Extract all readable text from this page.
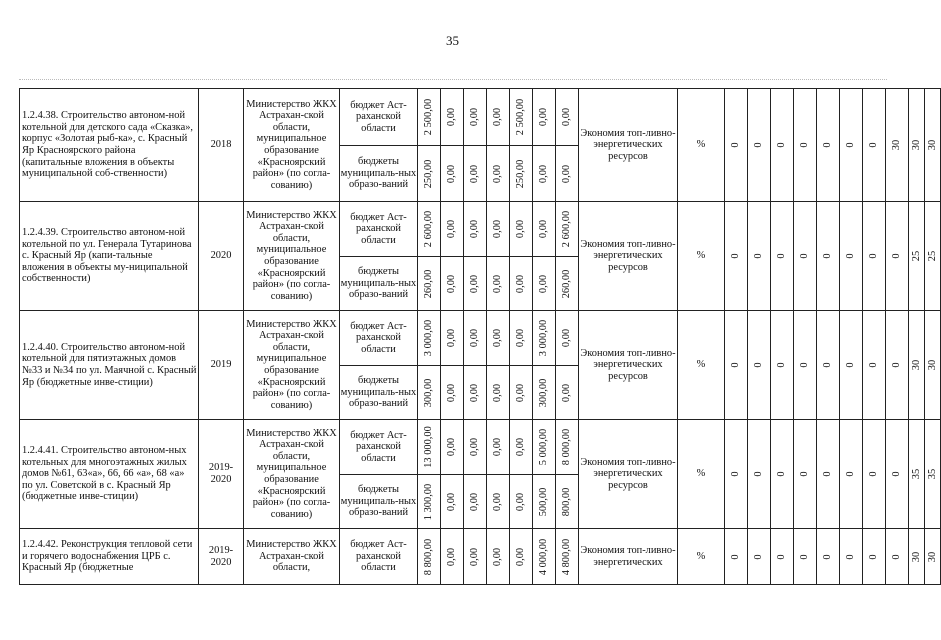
35
1.2.4.38. Строительство автоном-ной котельной для детского сада «Сказка», корпус «Золотая рыб-ка», с. Красный Яр Красноярского района (капитальные вложения в объекты муниципальной соб-ственности)	2018	Министерство ЖКХ Астрахан-ской области, муниципальное образование «Красноярский район» (по согла-сованию)	бюджет Аст-раханской области	2 500,00	0,00	0,00	0,00	2 500,00	0,00	0,00	Экономия топ-ливно-энергетических ресурсов	%	0	0	0	0	0	0	0	30	30	30

			бюджеты муниципаль-ных образо-ваний	250,00	0,00	0,00	0,00	250,00	0,00	0,00												

1.2.4.39. Строительство автоном-ной котельной по ул. Генерала Тутаринова с. Красный Яр (капи-тальные вложения в объекты му-ниципальной собственности)	2020	Министерство ЖКХ Астрахан-ской области, муниципальное образование «Красноярский район» (по согла-сованию)	бюджет Аст-раханской области	2 600,00	0,00	0,00	0,00	0,00	0,00	2 600,00	Экономия топ-ливно-энергетических ресурсов	%	0	0	0	0	0	0	0	0	25	25

			бюджеты муниципаль-ных образо-ваний	260,00	0,00	0,00	0,00	0,00	0,00	260,00												

1.2.4.40. Строительство автоном-ной котельной для пятиэтажных домов №33 и №34 по ул. Маячной с. Красный Яр (бюджетные инве-стиции)	2019	Министерство ЖКХ Астрахан-ской области, муниципальное образование «Красноярский район» (по согла-сованию)	бюджет Аст-раханской области	3 000,00	0,00	0,00	0,00	0,00	3 000,00	0,00	Экономия топ-ливно-энергетических ресурсов	%	0	0	0	0	0	0	0	0	30	30

			бюджеты муниципаль-ных образо-ваний	300,00	0,00	0,00	0,00	0,00	300,00	0,00												

1.2.4.41. Строительство автоном-ных котельных для многоэтажных жилых домов №61, 63«а», 66, 66 «а», 68 «а» по ул. Советской в с. Красный Яр (бюджетные инве-стиции)	2019-2020	Министерство ЖКХ Астрахан-ской области, муниципальное образование «Красноярский район» (по согла-сованию)	бюджет Аст-раханской области	13 000,00	0,00	0,00	0,00	0,00	5 000,00	8 000,00	Экономия топ-ливно-энергетических ресурсов	%	0	0	0	0	0	0	0	0	35	35

			бюджеты муниципаль-ных образо-ваний	1 300,00	0,00	0,00	0,00	0,00	500,00	800,00												

1.2.4.42. Реконструкция тепловой сети и горячего водоснабжения ЦРБ с. Красный Яр (бюджетные	2019-2020	Министерство ЖКХ Астрахан-ской области,	бюджет Аст-раханской области	8 800,00	0,00	0,00	0,00	0,00	4 000,00	4 800,00	Экономия топ-ливно-энергетических	%	0	0	0	0	0	0	0	0	30	30
